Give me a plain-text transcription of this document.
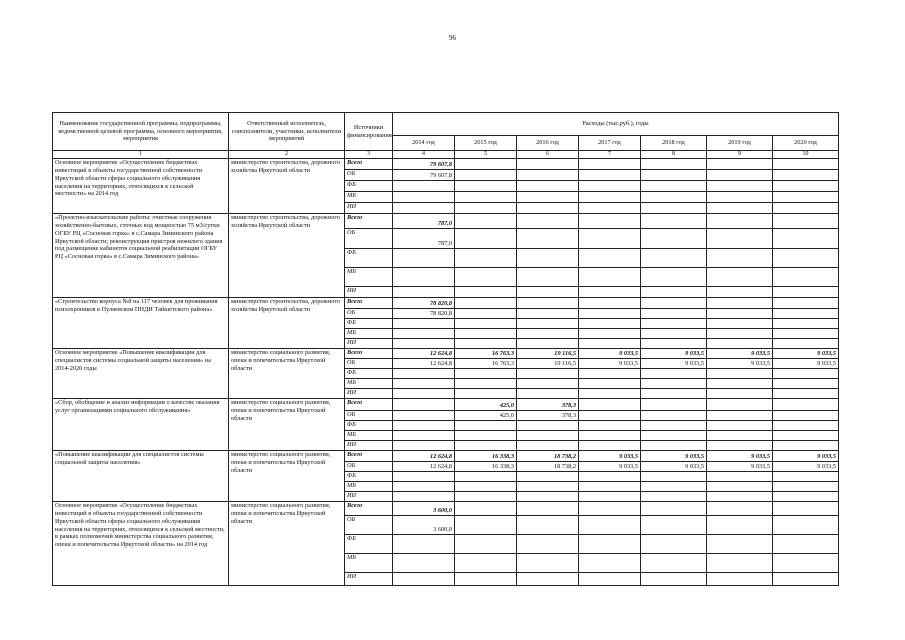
96
Наименование государственной программы, подпрограммы, ведомственной целевой программы, основного мероприятия, мероприятия	Ответственный исполнитель, соисполнители, участники, исполнители мероприятий	Источники финансирования	Расходы (тыс.руб.), годы						
			2014 год	2015 год	2016 год	2017 год	2018 год	2019 год	2020 год
1	2	3	4	5	6	7	8	9	10
Основное мероприятие «Осуществление бюджетных инвестиций в объекты государственной собственности Иркутской области сферы социального обслуживания населения на территориях, относящихся к сельской местности» на 2014 год	министерство строительства, дорожного хозяйства Иркутской области	Всего	79 607,8						
		ОБ	79 607,8						
		ФБ							
		МБ							
		ИИ							
«Проектно-изыскательские работы: очистные сооружения хозяйственно-бытовых, сточных вод мощностью 75 м3/сутки ОГБУ РЦ «Сосновая горка» в с.Самара Зиминского района Иркутской области; реконструкция пристроя нежилого здания под размещение кабинетов социальной реабилитации ОГБУ РЦ «Сосновая горка» в с.Самара Зиминского района»	министерство строительства, дорожного хозяйства Иркутской области	Всего	787,0						
		ОБ	787,0						
		ФБ							
		МБ							
		ИИ							
«Строительство корпуса №8 на 117 человек для проживания психохроников в Пуляевском ПНДИ Тайшетского района»	министерство строительства, дорожного хозяйства Иркутской области	Всего	78 820,8						
		ОБ	78 820,8						
		ФБ							
		МБ							
		ИИ							
Основное мероприятие «Повышение квалификации для специалистов системы социальной защиты населения» на 2014-2020 годы	министерство социального развития, опеки и попечительства Иркутской области	Всего	12 624,8	16 763,3	19 116,5	9 033,5	9 033,5	9 033,5	9 033,5
		ОБ	12 624,8	16 763,3	19 116,5	9 033,5	9 033,5	9 033,5	9 033,5
		ФБ							
		МБ							
		ИИ							
«Сбор, обобщение и анализ информации о качестве оказания услуг организациями социального обслуживания»	министерство социального развития, опеки и попечительства Иркутской области	Всего		425,0	378,3				
		ОБ		425,0	378,3				
		ФБ							
		МБ							
		ИИ							
«Повышение квалификации для специалистов системы социальной защиты населения»	министерство социального развития, опеки и попечительства Иркутской области	Всего	12 624,8	16 338,3	18 738,2	9 033,5	9 033,5	9 033,5	9 033,5
		ОБ	12 624,8	16 338,3	18 738,2	9 033,5	9 033,5	9 033,5	9 033,5
		ФБ							
		МБ							
		ИИ							
Основное мероприятие «Осуществление бюджетных инвестиций в объекты государственной собственности Иркутской области сферы социального обслуживания населения на территориях, относящихся к сельской местности, в рамках полномочий министерства социального развития, опеки и попечительства Иркутской области» на 2014 год	министерство социального развития, опеки и попечительства Иркутской области	Всего	3 600,0						
		ОБ	3 600,0						
		ФБ							
		МБ							
		ИИ							
